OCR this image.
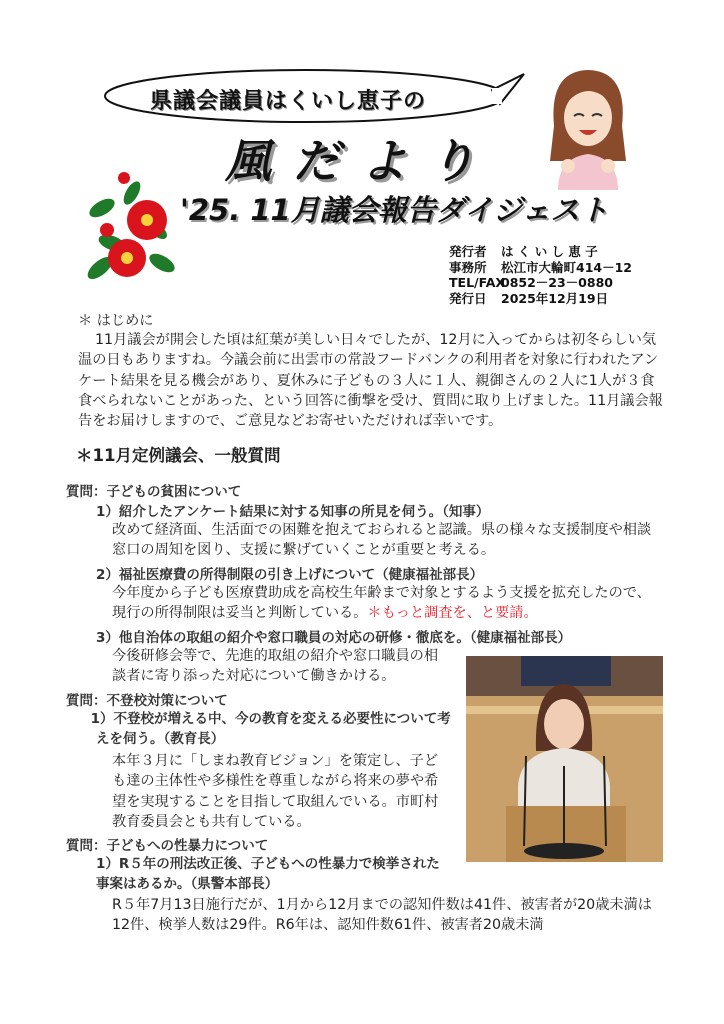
県議会議員はくいし恵子の
風だより
'25. 11月議会報告ダイジェスト
発行者 は く い し 恵 子
事務所 松江市大輪町414－12
TEL/FAX0852－23－0880
発行日 2025年12月19日
＊ はじめに
11月議会が開会した頃は紅葉が美しい日々でしたが、12月に入ってからは初冬らしい気温の日もありますね。今議会前に出雲市の常設フードバンクの利用者を対象に行われたアンケート結果を見る機会があり、夏休みに子どもの３人に１人、親御さんの２人に1人が３食食べられないことがあった、という回答に衝撃を受け、質問に取り上げました。11月議会報告をお届けしますので、ご意見などお寄せいただければ幸いです。
＊11月定例議会、一般質問
質問：子どもの貧困について
1）紹介したアンケート結果に対する知事の所見を伺う。（知事）
改めて経済面、生活面での困難を抱えておられると認識。県の様々な支援制度や相談窓口の周知を図り、支援に繋げていくことが重要と考える。
2）福祉医療費の所得制限の引き上げについて（健康福祉部長）
今年度から子ども医療費助成を高校生年齢まで対象とするよう支援を拡充したので、現行の所得制限は妥当と判断している。＊もっと調査を、と要請。
3）他自治体の取組の紹介や窓口職員の対応の研修・徹底を。（健康福祉部長）
今後研修会等で、先進的取組の紹介や窓口職員の相談者に寄り添った対応について働きかける。
質問：不登校対策について
1）不登校が増える中、今の教育を変える必要性について考えを伺う。（教育長）
本年３月に「しまね教育ビジョン」を策定し、子ども達の主体性や多様性を尊重しながら将来の夢や希望を実現することを目指して取組んでいる。市町村教育委員会とも共有している。
質問：子どもへの性暴力について
1）R５年の刑法改正後、子どもへの性暴力で検挙された事案はあるか。（県警本部長）
R５年7月13日施行だが、1月から12月までの認知件数は41件、被害者が20歳未満は12件、検挙人数は29件。R6年は、認知件数61件、被害者20歳未満
